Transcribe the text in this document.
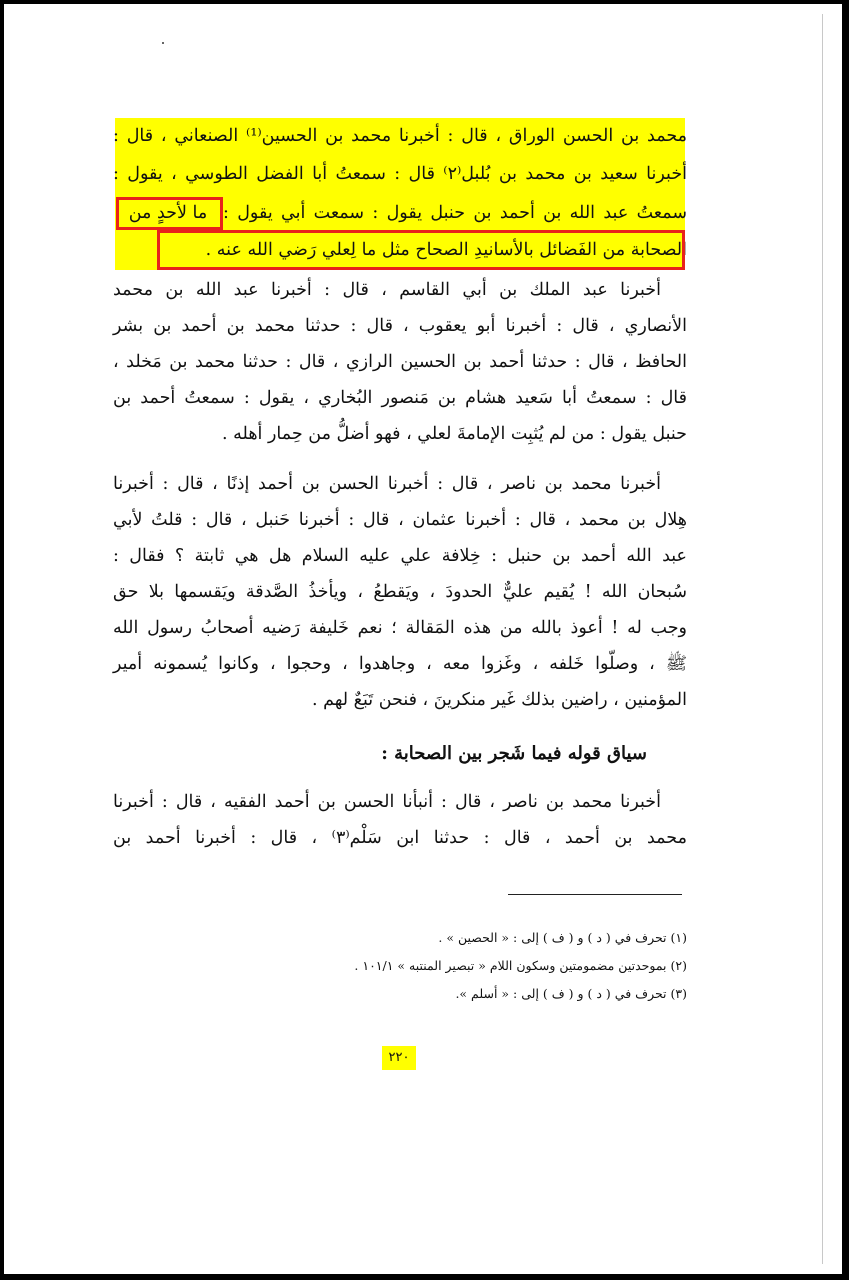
محمد بن الحسن الوراق ، قال : أخبرنا محمد بن الحسين⁽¹⁾ الصنعاني ، قال :
أخبرنا سعيد بن محمد بن بُلبل⁽٢⁾ قال : سمعتُ أبا الفضل الطوسي ، يقول :
سمعتُ عبد الله بن أحمد بن حنبل يقول : سمعت أبي يقول :
ما لأحدٍ من
الصحابة من الفَضائل بالأسانيدِ الصحاح مثل ما لِعلي رَضي الله عنه .
أخبرنا عبد الملك بن أبي القاسم ، قال : أخبرنا عبد الله بن محمد
الأنصاري ، قال : أخبرنا أبو يعقوب ، قال : حدثنا محمد بن أحمد بن بشر
الحافظ ، قال : حدثنا أحمد بن الحسين الرازي ، قال : حدثنا محمد بن مَخلد ،
قال : سمعتُ أبا سَعيد هشام بن مَنصور البُخاري ، يقول : سمعتُ أحمد بن
حنبل يقول : من لم يُثبِت الإمامةَ لعلي ، فهو أضلُّ من حِمار أهله .
أخبرنا محمد بن ناصر ، قال : أخبرنا الحسن بن أحمد إذنًا ، قال : أخبرنا
هِلال بن محمد ، قال : أخبرنا عثمان ، قال : أخبرنا حَنبل ، قال : قلتُ لأبي
عبد الله أحمد بن حنبل : خِلافة علي عليه السلام هل هي ثابتة ؟ فقال :
سُبحان الله ! يُقيم عليٌّ الحدودَ ، ويَقطعُ ، ويأخذُ الصَّدقة ويَقسمها بلا حق
وجب له ! أعوذ بالله من هذه المَقالة ؛ نعم خَليفة رَضيه أصحابُ رسول الله
ﷺ ، وصلّوا خَلفه ، وغَزوا معه ، وجاهدوا ، وحجوا ، وكانوا يُسمونه أمير
المؤمنين ، راضين بذلك غَير منكرينَ ، فنحن تَبَعٌ لهم .
سياق قوله فيما شَجر بين الصحابة :
أخبرنا محمد بن ناصر ، قال : أنبأنا الحسن بن أحمد الفقيه ، قال : أخبرنا
محمد بن أحمد ، قال : حدثنا ابن سَلْم⁽٣⁾ ، قال : أخبرنا أحمد بن
(١) تحرف في ( د ) و ( ف ) إلى : « الحصين » .
(٢) بموحدتين مضمومتين وسكون اللام « تبصير المنتبه » ١٠١/١ .
(٣) تحرف في ( د ) و ( ف ) إلى : « أسلم ».
٢٢٠
